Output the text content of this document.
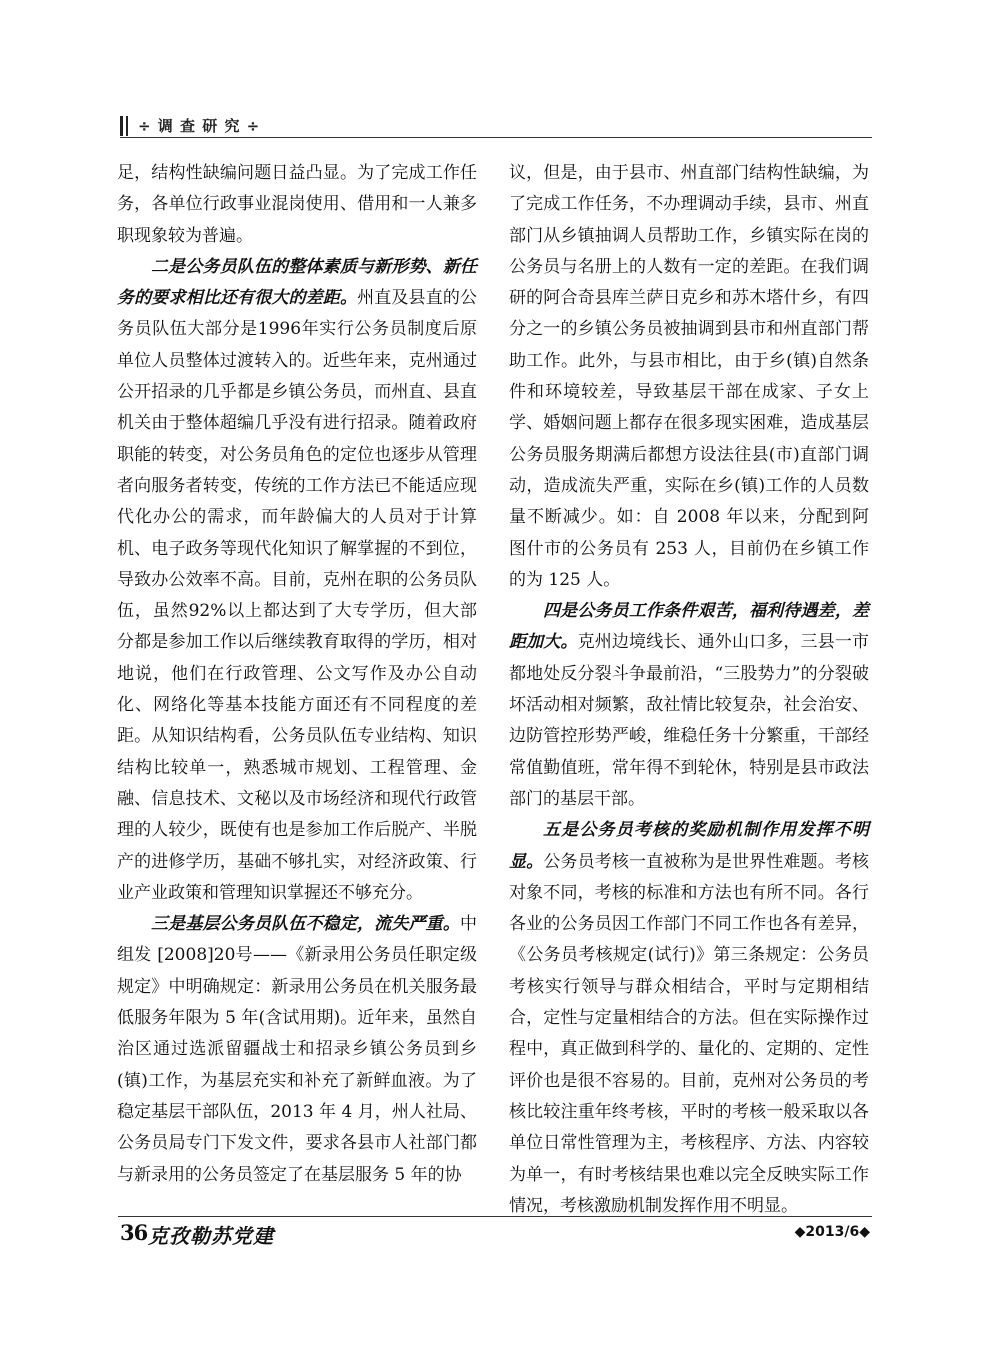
÷ 调 查 研 究 ÷

足，结构性缺编问题日益凸显。为了完成工作任务，各单位行政事业混岗使用、借用和一人兼多职现象较为普遍。

二是公务员队伍的整体素质与新形势、新任务的要求相比还有很大的差距。州直及县直的公务员队伍大部分是1996年实行公务员制度后原单位人员整体过渡转入的。近些年来，克州通过公开招录的几乎都是乡镇公务员，而州直、县直机关由于整体超编几乎没有进行招录。随着政府职能的转变，对公务员角色的定位也逐步从管理者向服务者转变，传统的工作方法已不能适应现代化办公的需求，而年龄偏大的人员对于计算机、电子政务等现代化知识了解掌握的不到位，导致办公效率不高。目前，克州在职的公务员队伍，虽然92%以上都达到了大专学历，但大部分都是参加工作以后继续教育取得的学历，相对地说，他们在行政管理、公文写作及办公自动化、网络化等基本技能方面还有不同程度的差距。从知识结构看，公务员队伍专业结构、知识结构比较单一，熟悉城市规划、工程管理、金融、信息技术、文秘以及市场经济和现代行政管理的人较少，既使有也是参加工作后脱产、半脱产的进修学历，基础不够扎实，对经济政策、行业产业政策和管理知识掌握还不够充分。

三是基层公务员队伍不稳定，流失严重。中组发 [2008]20号——《新录用公务员任职定级规定》中明确规定：新录用公务员在机关服务最低服务年限为 5 年(含试用期)。近年来，虽然自治区通过选派留疆战士和招录乡镇公务员到乡(镇)工作，为基层充实和补充了新鲜血液。为了稳定基层干部队伍，2013 年 4 月，州人社局、公务员局专门下发文件，要求各县市人社部门都与新录用的公务员签定了在基层服务 5 年的协

议，但是，由于县市、州直部门结构性缺编，为了完成工作任务，不办理调动手续，县市、州直部门从乡镇抽调人员帮助工作，乡镇实际在岗的公务员与名册上的人数有一定的差距。在我们调研的阿合奇县库兰萨日克乡和苏木塔什乡，有四分之一的乡镇公务员被抽调到县市和州直部门帮助工作。此外，与县市相比，由于乡(镇)自然条件和环境较差，导致基层干部在成家、子女上学、婚姻问题上都存在很多现实困难，造成基层公务员服务期满后都想方设法往县(市)直部门调动，造成流失严重，实际在乡(镇)工作的人员数量不断减少。如：自 2008 年以来，分配到阿图什市的公务员有 253 人，目前仍在乡镇工作的为 125 人。

四是公务员工作条件艰苦，福利待遇差，差距加大。克州边境线长、通外山口多，三县一市都地处反分裂斗争最前沿，“三股势力”的分裂破坏活动相对频繁，敌社情比较复杂，社会治安、边防管控形势严峻，维稳任务十分繁重，干部经常值勤值班，常年得不到轮休，特别是县市政法部门的基层干部。

五是公务员考核的奖励机制作用发挥不明显。公务员考核一直被称为是世界性难题。考核对象不同，考核的标准和方法也有所不同。各行各业的公务员因工作部门不同工作也各有差异，《公务员考核规定(试行)》第三条规定：公务员考核实行领导与群众相结合，平时与定期相结合，定性与定量相结合的方法。但在实际操作过程中，真正做到科学的、量化的、定期的、定性评价也是很不容易的。目前，克州对公务员的考核比较注重年终考核，平时的考核一般采取以各单位日常性管理为主，考核程序、方法、内容较为单一，有时考核结果也难以完全反映实际工作情况，考核激励机制发挥作用不明显。

36 克孜勒苏党建	◆2013/6◆
